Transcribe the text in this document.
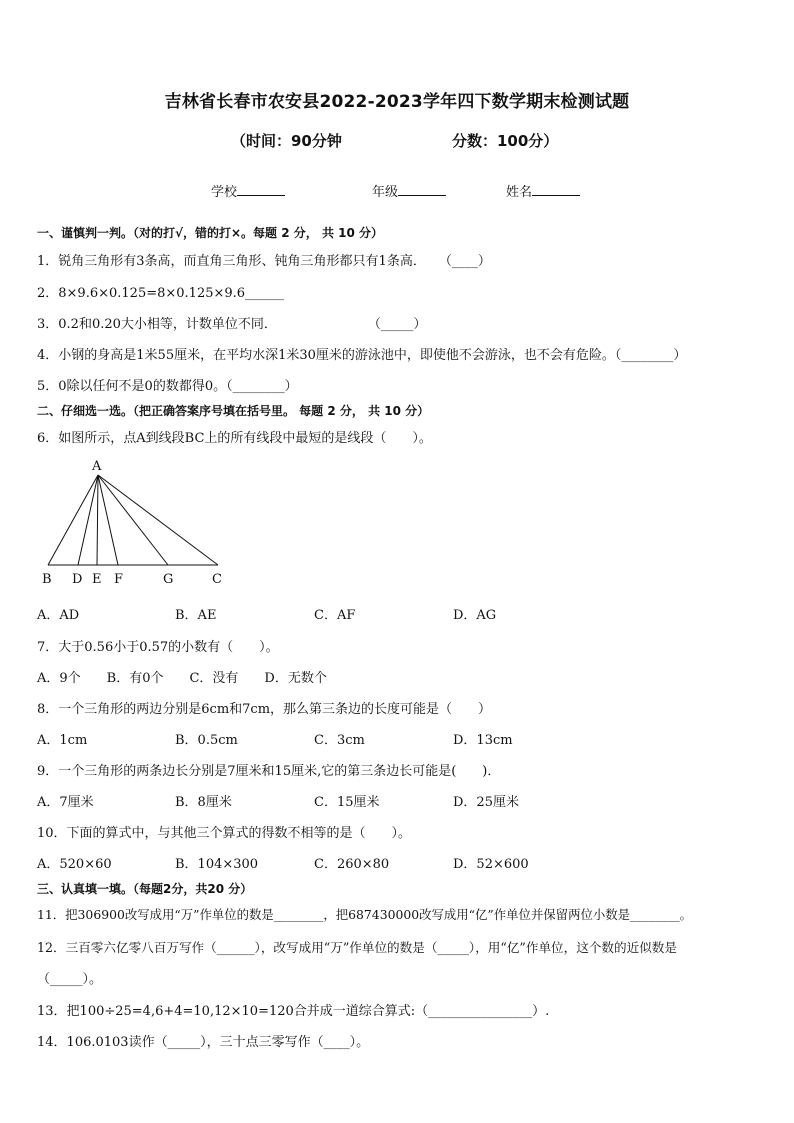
吉林省长春市农安县2022-2023学年四下数学期末检测试题
（时间：90分钟	分数：100分）
学校	年级	姓名
一、谨慎判一判。（对的打√，错的打×。每题 2 分， 共 10 分）
1．锐角三角形有3条高，而直角三角形、钝角三角形都只有1条高．　　（____）
2．8×9.6×0.125=8×0.125×9.6______
3．0.2和0.20大小相等，计数单位不同．　　　　　　　　（_____）
4．小钢的身高是1米55厘米，在平均水深1米30厘米的游泳池中，即使他不会游泳，也不会有危险。（________）
5．0除以任何不是0的数都得0。（________）
二、仔细选一选。（把正确答案序号填在括号里。 每题 2 分， 共 10 分）
6．如图所示，点A到线段BC上的所有线段中最短的是线段（　　）。
A
B D E F	G	C
A．AD	B．AE	C．AF	D．AG
7．大于0.56小于0.57的小数有（　　）。
A．9个　　B．有0个　　C．没有　　D．无数个
8．一个三角形的两边分别是6cm和7cm，那么第三条边的长度可能是（　　）
A．1cm	B．0.5cm	C．3cm	D．13cm
9．一个三角形的两条边长分别是7厘米和15厘米,它的第三条边长可能是(　　)．
A．7厘米	B．8厘米	C．15厘米	D．25厘米
10．下面的算式中，与其他三个算式的得数不相等的是（　　）。
A．520×60	B．104×300	C．260×80	D．52×600
三、认真填一填。（每题2分，共20 分）
11．把306900改写成用“万”作单位的数是________，把687430000改写成用“亿”作单位并保留两位小数是________。
12．三百零六亿零八百万写作（______），改写成用“万”作单位的数是（_____），用“亿”作单位，这个数的近似数是
（_____）。
13．把100÷25=4,6+4=10,12×10=120合并成一道综合算式:（________________）.
14．106.0103读作（_____），三十点三零写作（____）。
